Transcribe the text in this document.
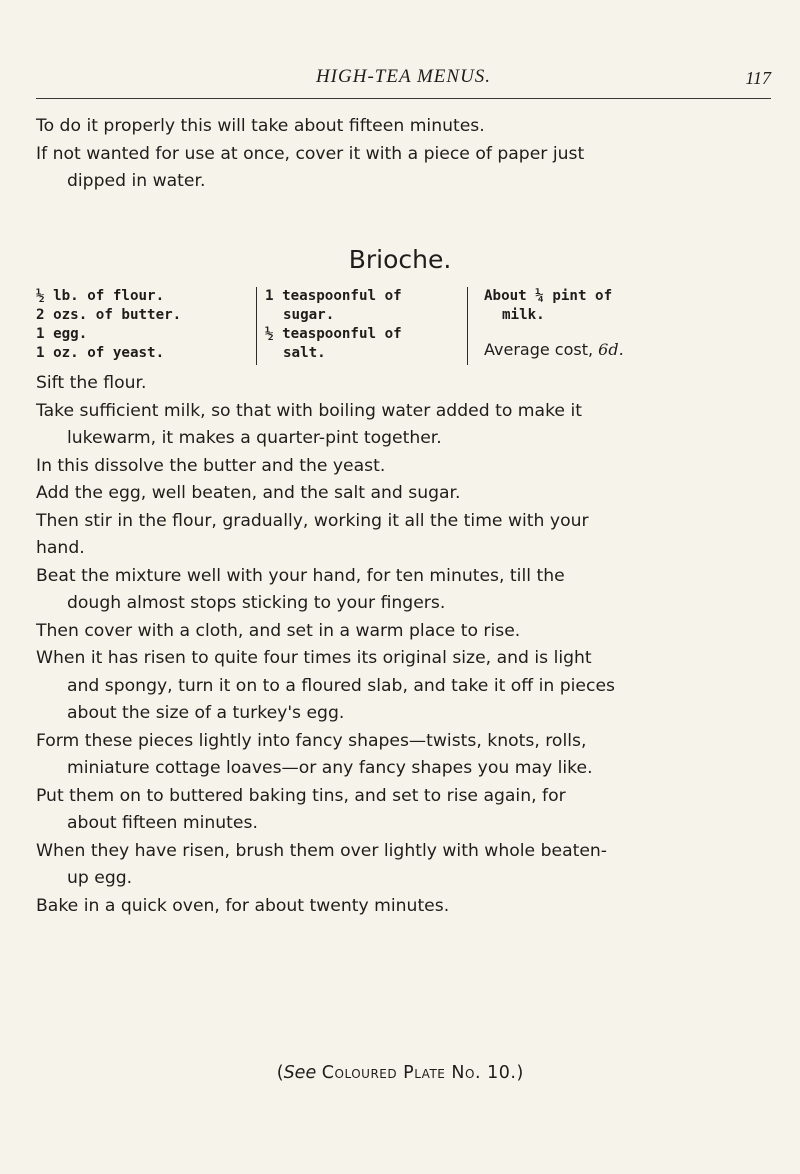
HIGH-TEA MENUS.	117
To do it properly this will take about fifteen minutes.
If not wanted for use at once, cover it with a piece of paper just
dipped in water.
Brioche.
½ lb. of flour.
2 ozs. of butter.
1 egg.
1 oz. of yeast.
1 teaspoonful of
sugar.
½ teaspoonful of
salt.
About ¼ pint of
milk.
Average cost, 6d.
Sift the flour.
Take sufficient milk, so that with boiling water added to make it
lukewarm, it makes a quarter-pint together.
In this dissolve the butter and the yeast.
Add the egg, well beaten, and the salt and sugar.
Then stir in the flour, gradually, working it all the time with your
hand.
Beat the mixture well with your hand, for ten minutes, till the
dough almost stops sticking to your fingers.
Then cover with a cloth, and set in a warm place to rise.
When it has risen to quite four times its original size, and is light
and spongy, turn it on to a floured slab, and take it off in pieces
about the size of a turkey's egg.
Form these pieces lightly into fancy shapes—twists, knots, rolls,
miniature cottage loaves—or any fancy shapes you may like.
Put them on to buttered baking tins, and set to rise again, for
about fifteen minutes.
When they have risen, brush them over lightly with whole beaten-
up egg.
Bake in a quick oven, for about twenty minutes.
(See Coloured Plate No. 10.)
